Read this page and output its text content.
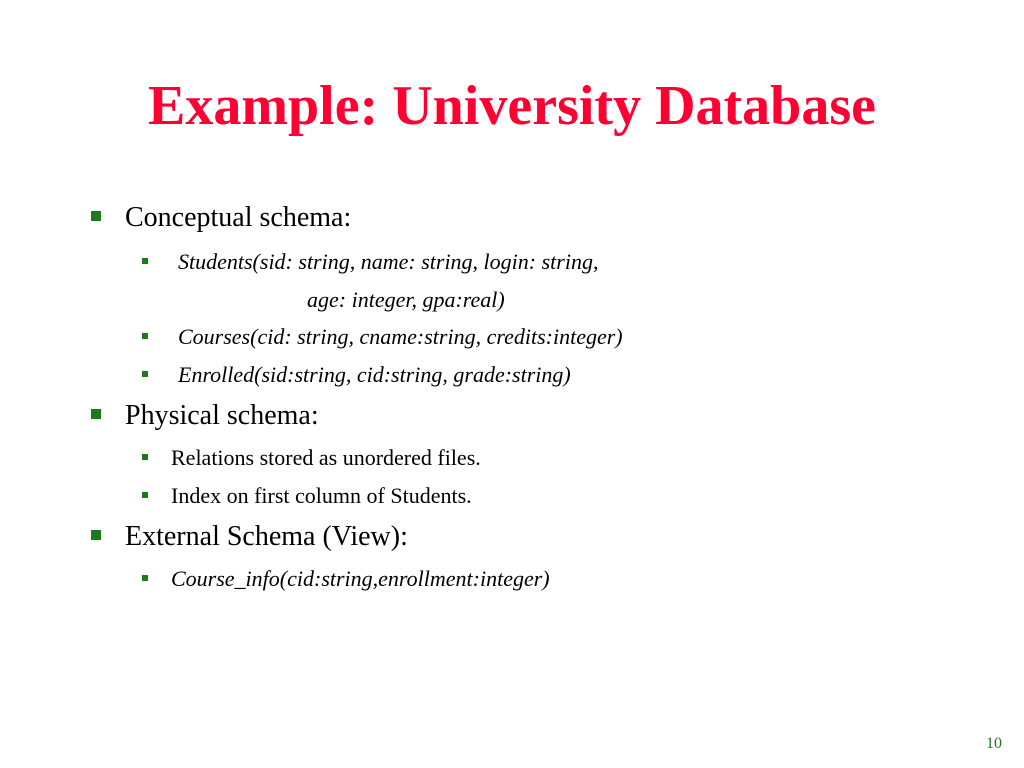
Example: University Database
Conceptual schema:
Students(sid: string, name: string, login: string,
age: integer, gpa:real)
Courses(cid: string, cname:string, credits:integer)
Enrolled(sid:string, cid:string, grade:string)
Physical schema:
Relations stored as unordered files.
Index on first column of Students.
External Schema (View):
Course_info(cid:string,enrollment:integer)
10
